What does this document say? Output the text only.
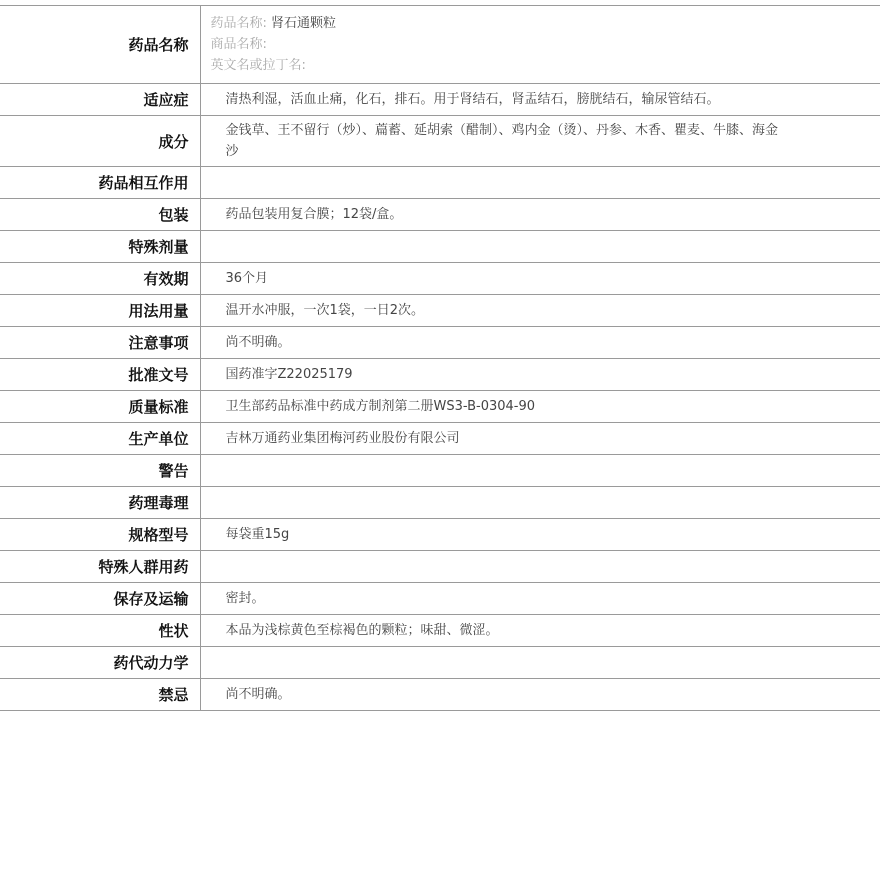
药品名称	药品名称: 肾石通颗粒
商品名称:
英文名或拉丁名:

适应症	清热利湿，活血止痛，化石，排石。用于肾结石，肾盂结石，膀胱结石，输尿管结石。
成分	金钱草、王不留行（炒）、萹蓄、延胡索（醋制）、鸡内金（烫）、丹参、木香、瞿麦、牛膝、海金沙
药品相互作用	
包装	药品包装用复合膜；12袋/盒。
特殊剂量	
有效期	36个月
用法用量	温开水冲服，一次1袋，一日2次。
注意事项	尚不明确。
批准文号	国药准字Z22025179
质量标准	卫生部药品标准中药成方制剂第二册WS3-B-0304-90
生产单位	吉林万通药业集团梅河药业股份有限公司
警告	
药理毒理	
规格型号	每袋重15g
特殊人群用药	
保存及运输	密封。
性状	本品为浅棕黄色至棕褐色的颗粒；味甜、微涩。
药代动力学	
禁忌	尚不明确。
